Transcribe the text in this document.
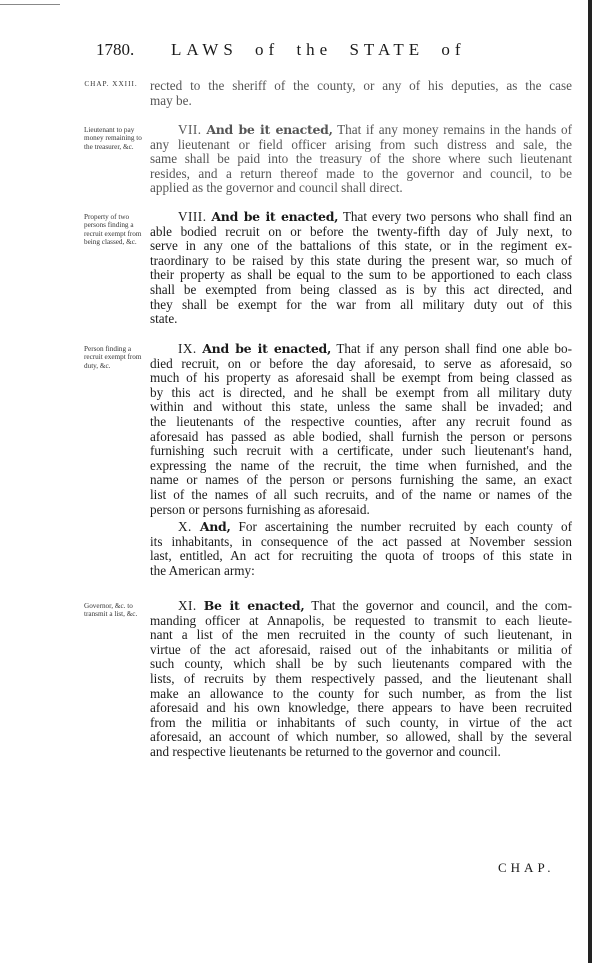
1780. LAWS of the STATE of
CHAP. XXIII. rected to the sheriff of the county, or any of his deputies, as the case
may be.
Lieutenant to pay money remaining to the treasurer, &c.
VII. And be it enacted, That if any money remains in the hands of
any lieutenant or field officer arising from such distress and sale, the
same shall be paid into the treasury of the shore where such lieutenant
resides, and a return thereof made to the governor and council, to be
applied as the governor and council shall direct.
Property of two persons finding a recruit exempt from being classed, &c.
VIII. And be it enacted, That every two persons who shall find an
able bodied recruit on or before the twenty-fifth day of July next, to
serve in any one of the battalions of this state, or in the regiment ex-
traordinary to be raised by this state during the present war, so much of
their property as shall be equal to the sum to be apportioned to each class
shall be exempted from being classed as is by this act directed, and
they shall be exempt for the war from all military duty out of this
state.
Person finding a recruit exempt from duty, &c.
IX. And be it enacted, That if any person shall find one able bo-
died recruit, on or before the day aforesaid, to serve as aforesaid, so
much of his property as aforesaid shall be exempt from being classed as
by this act is directed, and he shall be exempt from all military duty
within and without this state, unless the same shall be invaded; and
the lieutenants of the respective counties, after any recruit found as
aforesaid has passed as able bodied, shall furnish the person or persons
furnishing such recruit with a certificate, under such lieutenant's hand,
expressing the name of the recruit, the time when furnished, and the
name or names of the person or persons furnishing the same, an exact
list of the names of all such recruits, and of the name or names of the
person or persons furnishing as aforesaid.
X. And, For ascertaining the number recruited by each county of
its inhabitants, in consequence of the act passed at November session
last, entitled, An act for recruiting the quota of troops of this state in
the American army:
Governor, &c. to transmit a list, &c.
XI. Be it enacted, That the governor and council, and the com-
manding officer at Annapolis, be requested to transmit to each lieute-
nant a list of the men recruited in the county of such lieutenant, in
virtue of the act aforesaid, raised out of the inhabitants or militia of
such county, which shall be by such lieutenants compared with the
lists, of recruits by them respectively passed, and the lieutenant shall
make an allowance to the county for such number, as from the list
aforesaid and his own knowledge, there appears to have been recruited
from the militia or inhabitants of such county, in virtue of the act
aforesaid, an account of which number, so allowed, shall by the several
and respective lieutenants be returned to the governor and council.
CHAP.
